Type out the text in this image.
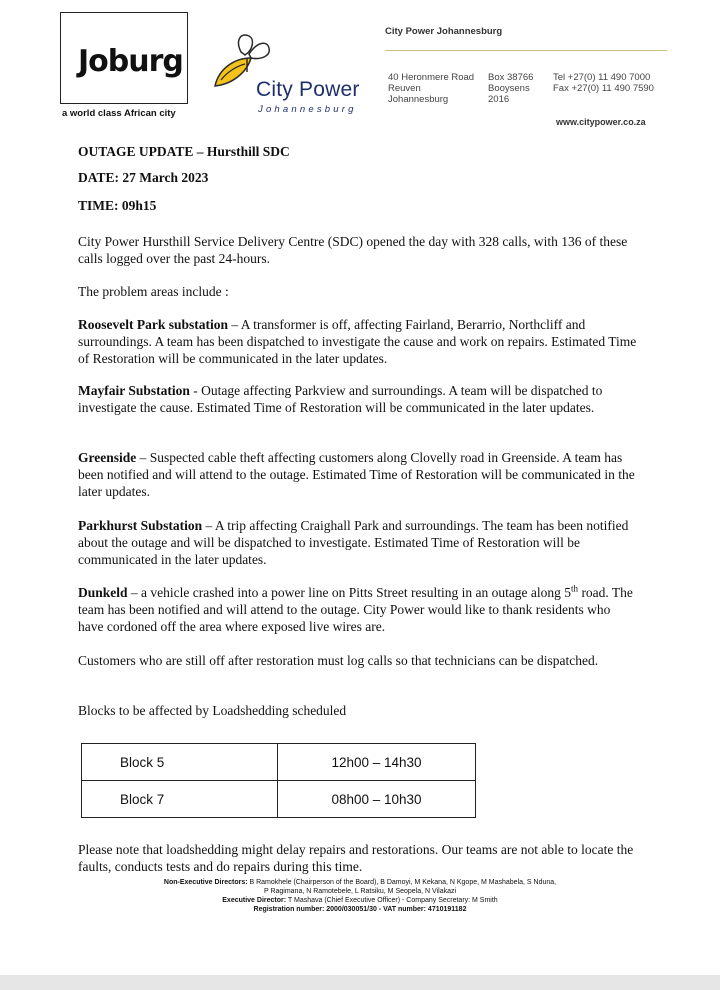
Joburg
a world class African city
City Power
Johannesburg
City Power Johannesburg
40 Heronmere Road
Reuven
Johannesburg
Box 38766
Booysens
2016
Tel +27(0) 11 490 7000
Fax +27(0) 11 490 7590
www.citypower.co.za
OUTAGE UPDATE – Hursthill SDC
DATE: 27 March 2023
TIME: 09h15
City Power Hursthill Service Delivery Centre (SDC) opened the day with 328 calls, with 136 of these calls logged over the past 24-hours.
The problem areas include :
Roosevelt Park substation – A transformer is off, affecting Fairland, Berarrio, Northcliff and surroundings. A team has been dispatched to investigate the cause and work on repairs. Estimated Time of Restoration will be communicated in the later updates.
Mayfair Substation - Outage affecting Parkview and surroundings. A team will be dispatched to investigate the cause. Estimated Time of Restoration will be communicated in the later updates.
Greenside – Suspected cable theft affecting customers along Clovelly road in Greenside. A team has been notified and will attend to the outage. Estimated Time of Restoration will be communicated in the later updates.
Parkhurst Substation – A trip affecting Craighall Park and surroundings. The team has been notified about the outage and will be dispatched to investigate. Estimated Time of Restoration will be communicated in the later updates.
Dunkeld – a vehicle crashed into a power line on Pitts Street resulting in an outage along 5th road. The team has been notified and will attend to the outage. City Power would like to thank residents who have cordoned off the area where exposed live wires are.
Customers who are still off after restoration must log calls so that technicians can be dispatched.
Blocks to be affected by Loadshedding scheduled
Block 5	12h00 – 14h30
Block 7	08h00 – 10h30
Please note that loadshedding might delay repairs and restorations. Our teams are not able to locate the faults, conducts tests and do repairs during this time.
Non-Executive Directors: B Ramokhele (Chairperson of the Board), B Damoyi, M Kekana, N Kgope, M Mashabela, S Nduna,
P Ragimana, N Ramotebele, L Ratsiku, M Seopela, N Vilakazi
Executive Director: T Mashava (Chief Executive Officer) - Company Secretary: M Smith
Registration number: 2000/030051/30 - VAT number: 4710191182
